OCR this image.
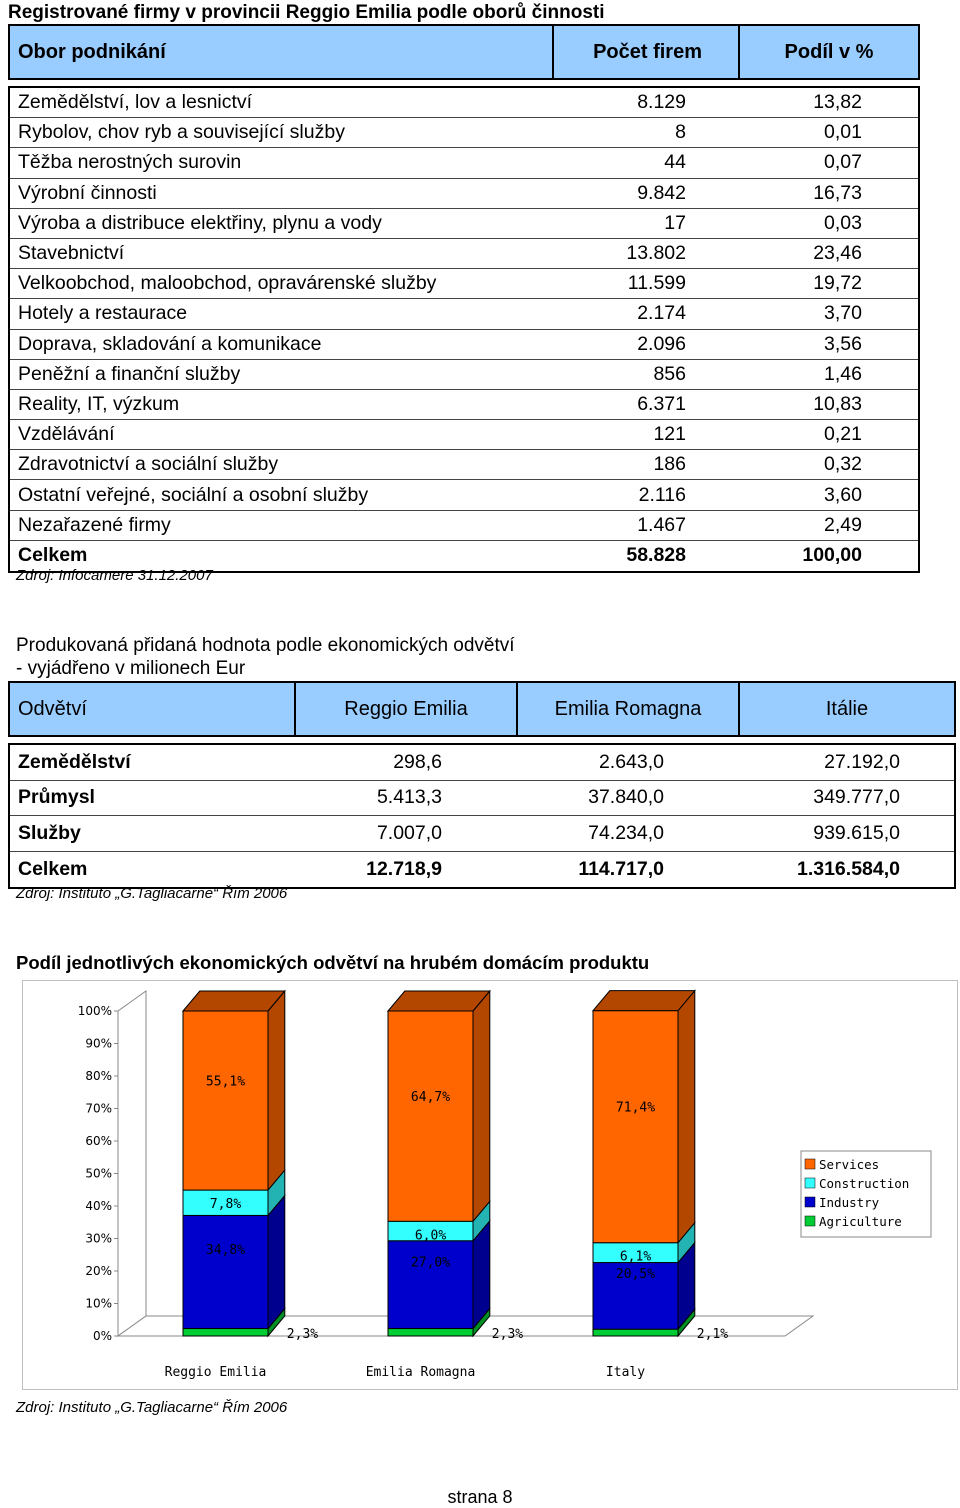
Registrované firmy v provincii Reggio Emilia podle oborů činnosti
Obor podnikání	Počet firem	Podíl v %
Zemědělství, lov a lesnictví	8.129	13,82
Rybolov, chov ryb a související služby	8	0,01
Těžba nerostných surovin	44	0,07
Výrobní činnosti	9.842	16,73
Výroba a distribuce elektřiny, plynu a vody	17	0,03
Stavebnictví	13.802	23,46
Velkoobchod, maloobchod, opravárenské služby	11.599	19,72
Hotely a restaurace	2.174	3,70
Doprava, skladování a komunikace	2.096	3,56
Peněžní a finanční služby	856	1,46
Reality, IT, výzkum	6.371	10,83
Vzdělávání	121	0,21
Zdravotnictví a sociální služby	186	0,32
Ostatní veřejné, sociální a osobní služby	2.116	3,60
Nezařazené firmy	1.467	2,49
Celkem	58.828	100,00
Zdroj: Infocamere 31.12.2007
Produkovaná přidaná hodnota podle ekonomických odvětví
- vyjádřeno v milionech Eur
Odvětví	Reggio Emilia	Emilia Romagna	Itálie
Zemědělství	298,6	2.643,0	27.192,0
Průmysl	5.413,3	37.840,0	349.777,0
Služby	7.007,0	74.234,0	939.615,0
Celkem	12.718,9	114.717,0	1.316.584,0
Zdroj: Instituto „G.Tagliacarne“ Řím 2006
Podíl jednotlivých ekonomických odvětví na hrubém domácím produktu
0%
10%
20%
30%
40%
50%
60%
70%
80%
90%
100%
2,3%
34,8%
7,8%
55,1%
Reggio Emilia
2,3%
27,0%
6,0%
64,7%
Emilia Romagna
2,1%
20,5%
6,1%
71,4%
Italy
Services
Construction
Industry
Agriculture
Zdroj: Instituto „G.Tagliacarne“ Řím 2006
strana 8
